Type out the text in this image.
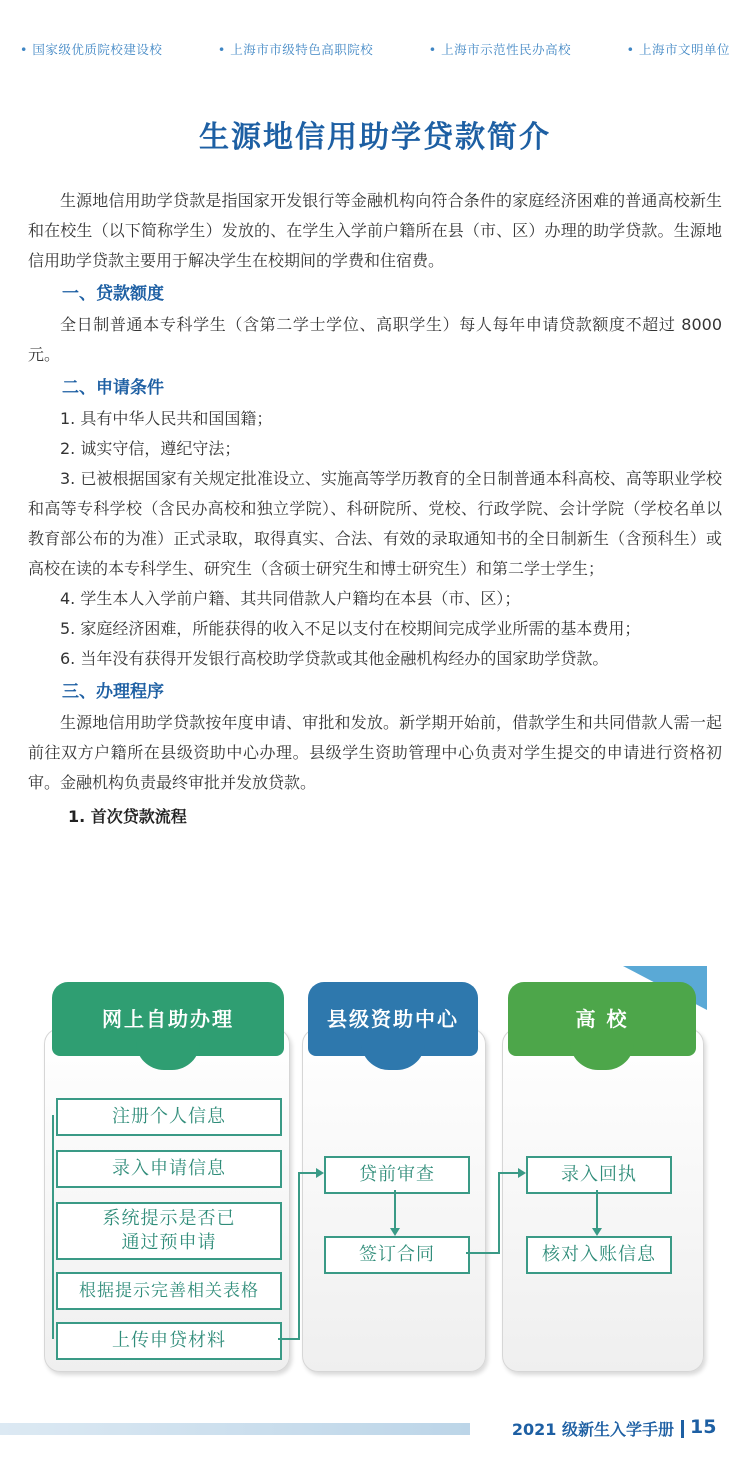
• 国家级优质院校建设校	• 上海市市级特色高职院校	• 上海市示范性民办高校	• 上海市文明单位
生源地信用助学贷款简介

生源地信用助学贷款是指国家开发银行等金融机构向符合条件的家庭经济困难的普通高校新生和在校生（以下简称学生）发放的、在学生入学前户籍所在县（市、区）办理的助学贷款。生源地信用助学贷款主要用于解决学生在校期间的学费和住宿费。

一、贷款额度

全日制普通本专科学生（含第二学士学位、高职学生）每人每年申请贷款额度不超过 8000 元。

二、申请条件

1. 具有中华人民共和国国籍；

2. 诚实守信，遵纪守法；

3. 已被根据国家有关规定批准设立、实施高等学历教育的全日制普通本科高校、高等职业学校和高等专科学校（含民办高校和独立学院）、科研院所、党校、行政学院、会计学院（学校名单以教育部公布的为准）正式录取，取得真实、合法、有效的录取通知书的全日制新生（含预科生）或高校在读的本专科学生、研究生（含硕士研究生和博士研究生）和第二学士学生；

4. 学生本人入学前户籍、其共同借款人户籍均在本县（市、区）；

5. 家庭经济困难，所能获得的收入不足以支付在校期间完成学业所需的基本费用；

6. 当年没有获得开发银行高校助学贷款或其他金融机构经办的国家助学贷款。

三、办理程序

生源地信用助学贷款按年度申请、审批和发放。新学期开始前，借款学生和共同借款人需一起前往双方户籍所在县级资助中心办理。县级学生资助管理中心负责对学生提交的申请进行资格初审。金融机构负责最终审批并发放贷款。

1. 首次贷款流程
网上自助办理
注册个人信息
录入申请信息
系统提示是否已
通过预申请
根据提示完善相关表格
上传申贷材料
县级资助中心
贷前审查
签订合同
高 校
录入回执
核对入账信息
2021 级新生入学手册 15
